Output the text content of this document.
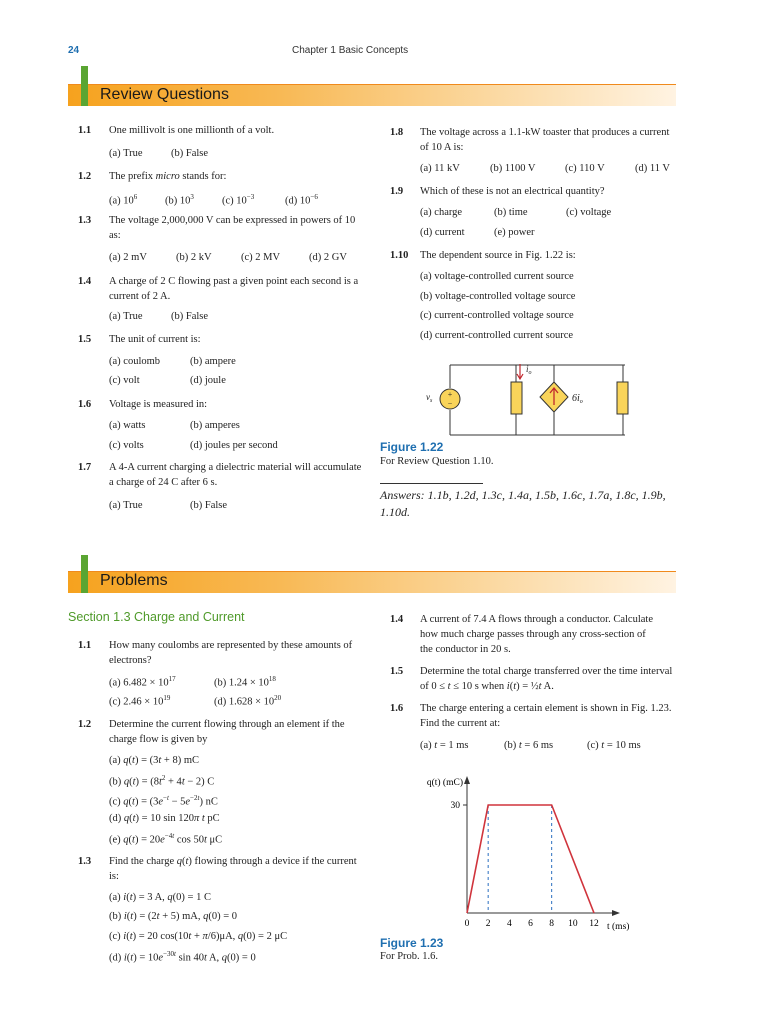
24	Chapter 1 Basic Concepts
Review Questions
1.1 One millivolt is one millionth of a volt.
(a) True	(b) False
1.2 The prefix micro stands for:
(a) $10^6$	(b) $10^3$	(c) $10^{-3}$	(d) $10^{-6}$
1.3 The voltage 2,000,000 V can be expressed in powers of 10 as:
(a) 2 mV	(b) 2 kV	(c) 2 MV	(d) 2 GV
1.4 A charge of 2 C flowing past a given point each second is a current of 2 A.
(a) True	(b) False
1.5 The unit of current is:
(a) coulomb	(b) ampere
(c) volt	(d) joule
1.6 Voltage is measured in:
(a) watts	(b) amperes
(c) volts	(d) joules per second
1.7 A 4-A current charging a dielectric material will accumulate a charge of 24 C after 6 s.
(a) True	(b) False
1.8 The voltage across a 1.1-kW toaster that produces a current of 10 A is:
(a) 11 kV	(b) 1100 V	(c) 110 V	(d) 11 V
1.9 Which of these is not an electrical quantity?
(a) charge	(b) time	(c) voltage
(d) current	(e) power
1.10 The dependent source in Fig. 1.22 is:
(a) voltage-controlled current source
(b) voltage-controlled voltage source
(c) current-controlled voltage source
(d) current-controlled current source
+
−
$i_o$
$v_s$	$6i_o$
Figure 1.22
For Review Question 1.10.
Answers: 1.1b, 1.2d, 1.3c, 1.4a, 1.5b, 1.6c, 1.7a, 1.8c, 1.9b, 1.10d.
Problems
Section 1.3 Charge and Current
1.1 How many coulombs are represented by these amounts of electrons?
(a) $6.482 \times 10^{17}$	(b) $1.24 \times 10^{18}$
(c) $2.46 \times 10^{19}$	(d) $1.628 \times 10^{20}$
1.2 Determine the current flowing through an element if the charge flow is given by
(a) q(t) = (3t + 8) mC
(b) $q(t) = (8t^2 + 4t - 2)$ C
(c) $q(t) = (3e^{-t} - 5e^{-2t})$ nC
(d) q(t) = 10 sin 120π t pC
(e) $q(t) = 20e^{-4t}$ cos 50t μC
1.3 Find the charge q(t) flowing through a device if the current is:
(a) i(t) = 3 A, q(0) = 1 C
(b) i(t) = (2t + 5) mA, q(0) = 0
(c) i(t) = 20 cos(10t + π/6)μA, q(0) = 2 μC
(d) $i(t) = 10e^{-30t}$ sin 40t A, q(0) = 0
1.4 A current of 7.4 A flows through a conductor. Calculate how much charge passes through any cross-section of the conductor in 20 s.
1.5 Determine the total charge transferred over the time interval of 0 ≤ t ≤ 10 s when i(t) = ½t A.
1.6 The charge entering a certain element is shown in Fig. 1.23. Find the current at:
(a) t = 1 ms	(b) t = 6 ms	(c) t = 10 ms
0 2 4 6 8 10 12
30
q(t) (mC)
t (ms)
Figure 1.23
For Prob. 1.6.
